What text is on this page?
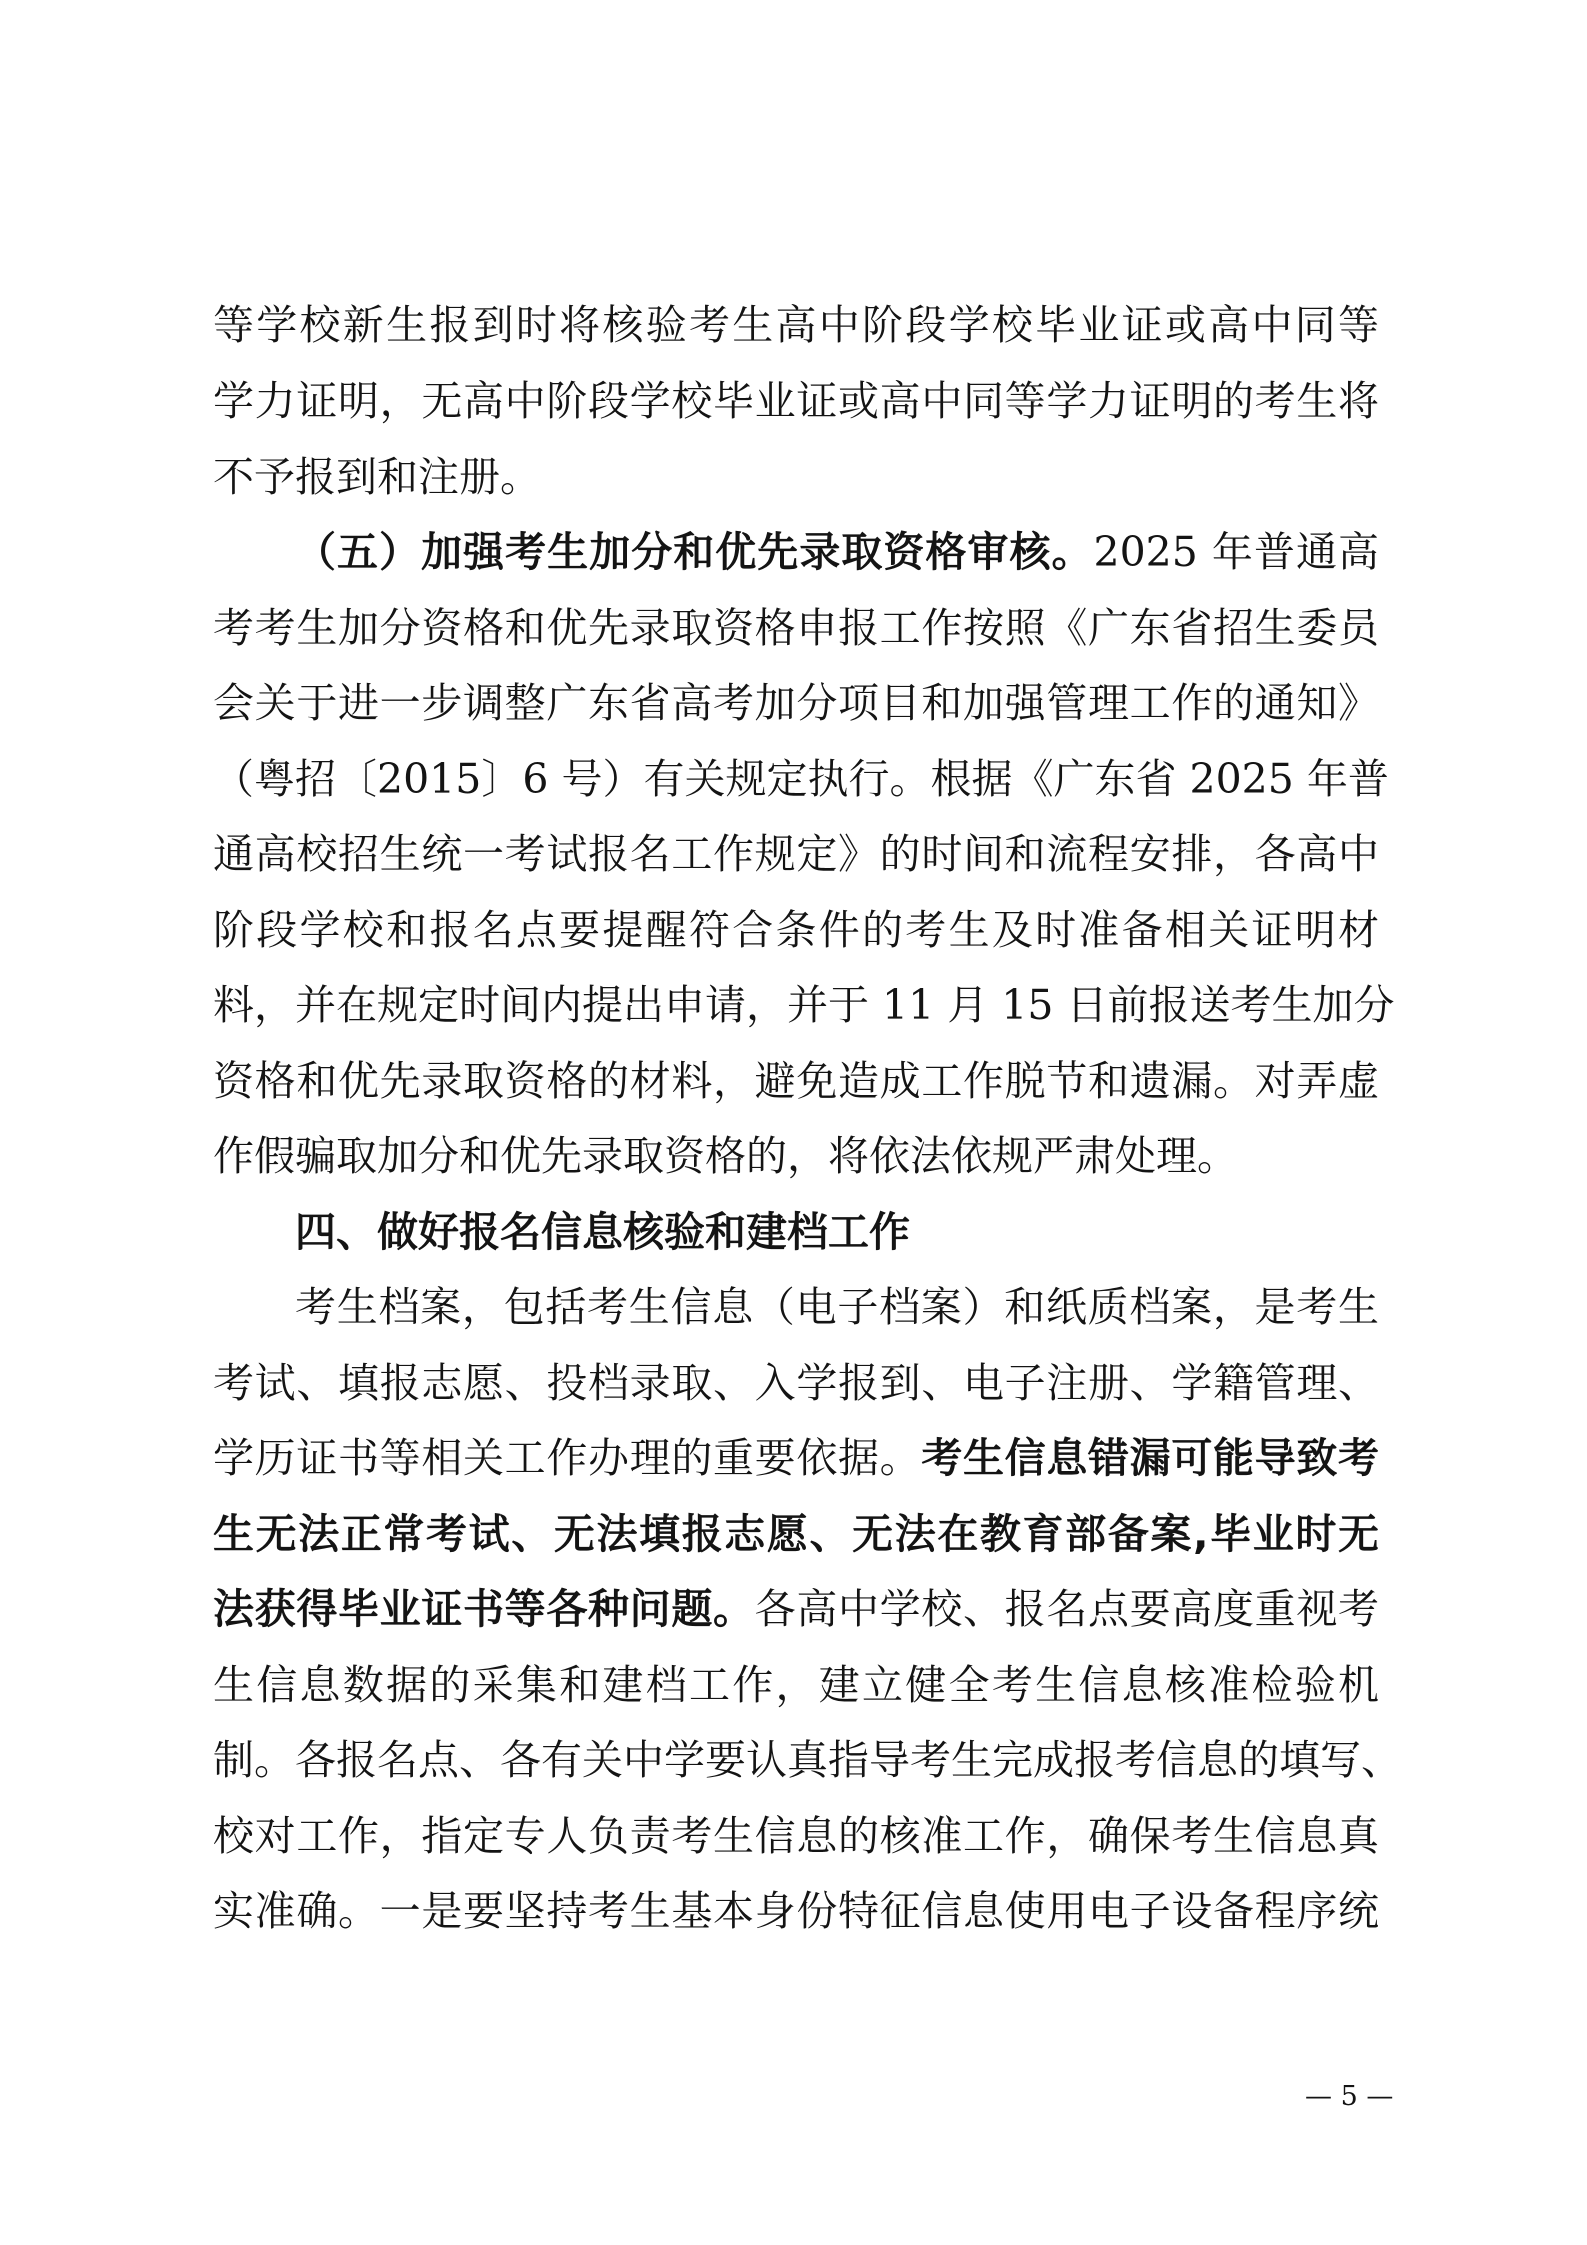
等学校新生报到时将核验考生高中阶段学校毕业证或高中同等
学力证明，无高中阶段学校毕业证或高中同等学力证明的考生将
不予报到和注册。
（五）加强考生加分和优先录取资格审核。2025 年普通高
考考生加分资格和优先录取资格申报工作按照《广东省招生委员
会关于进一步调整广东省高考加分项目和加强管理工作的通知》
（粤招〔2015〕6 号）有关规定执行。根据《广东省 2025 年普
通高校招生统一考试报名工作规定》的时间和流程安排，各高中
阶段学校和报名点要提醒符合条件的考生及时准备相关证明材
料，并在规定时间内提出申请，并于 11 月 15 日前报送考生加分
资格和优先录取资格的材料，避免造成工作脱节和遗漏。对弄虚
作假骗取加分和优先录取资格的，将依法依规严肃处理。
四、做好报名信息核验和建档工作
考生档案，包括考生信息（电子档案）和纸质档案，是考生
考试、填报志愿、投档录取、入学报到、电子注册、学籍管理、
学历证书等相关工作办理的重要依据。考生信息错漏可能导致考
生无法正常考试、无法填报志愿、无法在教育部备案,毕业时无
法获得毕业证书等各种问题。各高中学校、报名点要高度重视考
生信息数据的采集和建档工作，建立健全考生信息核准检验机
制。各报名点、各有关中学要认真指导考生完成报考信息的填写、
校对工作，指定专人负责考生信息的核准工作，确保考生信息真
实准确。一是要坚持考生基本身份特征信息使用电子设备程序统
— 5 —
